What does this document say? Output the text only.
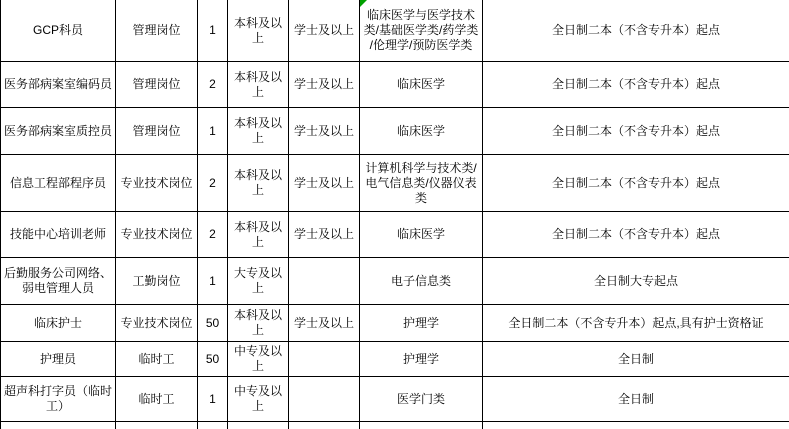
GCP科员	管理岗位	1	本科及以上	学士及以上	临床医学与医学技术类/基础医学类/药学类/伦理学/预防医学类	全日制二本（不含专升本）起点
医务部病案室编码员	管理岗位	2	本科及以上	学士及以上	临床医学	全日制二本（不含专升本）起点
医务部病案室质控员	管理岗位	1	本科及以上	学士及以上	临床医学	全日制二本（不含专升本）起点
信息工程部程序员	专业技术岗位	2	本科及以上	学士及以上	计算机科学与技术类/电气信息类/仪器仪表类	全日制二本（不含专升本）起点
技能中心培训老师	专业技术岗位	2	本科及以上	学士及以上	临床医学	全日制二本（不含专升本）起点
后勤服务公司网络、弱电管理人员	工勤岗位	1	大专及以上		电子信息类	全日制大专起点
临床护士	专业技术岗位	50	本科及以上	学士及以上	护理学	全日制二本（不含专升本）起点,具有护士资格证
护理员	临时工	50	中专及以上		护理学	全日制
超声科打字员（临时工）	临时工	1	中专及以上		医学门类	全日制
